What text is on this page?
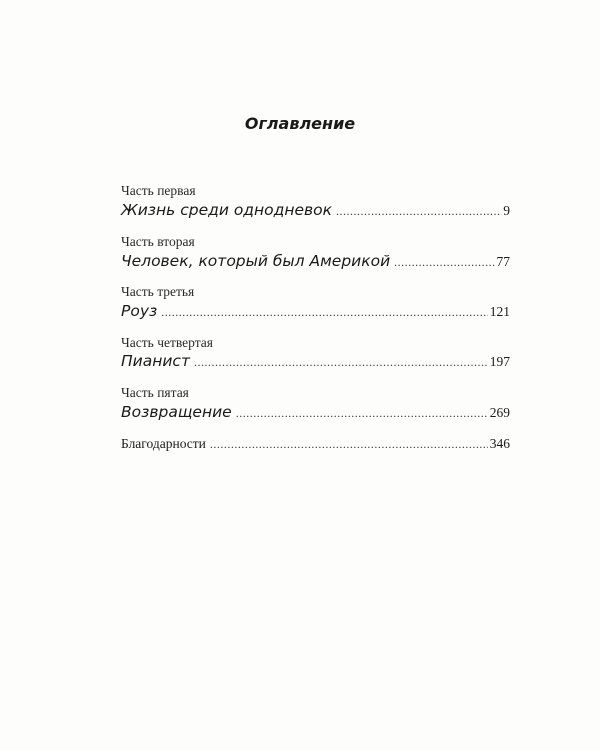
Оглавление
Часть первая
Жизнь среди однодневок .....	9
Часть вторая
Человек, который был Америкой .....	77
Часть третья
Роуз .....	121
Часть четвертая
Пианист .....	197
Часть пятая
Возвращение .....	269
Благодарности .....	346
